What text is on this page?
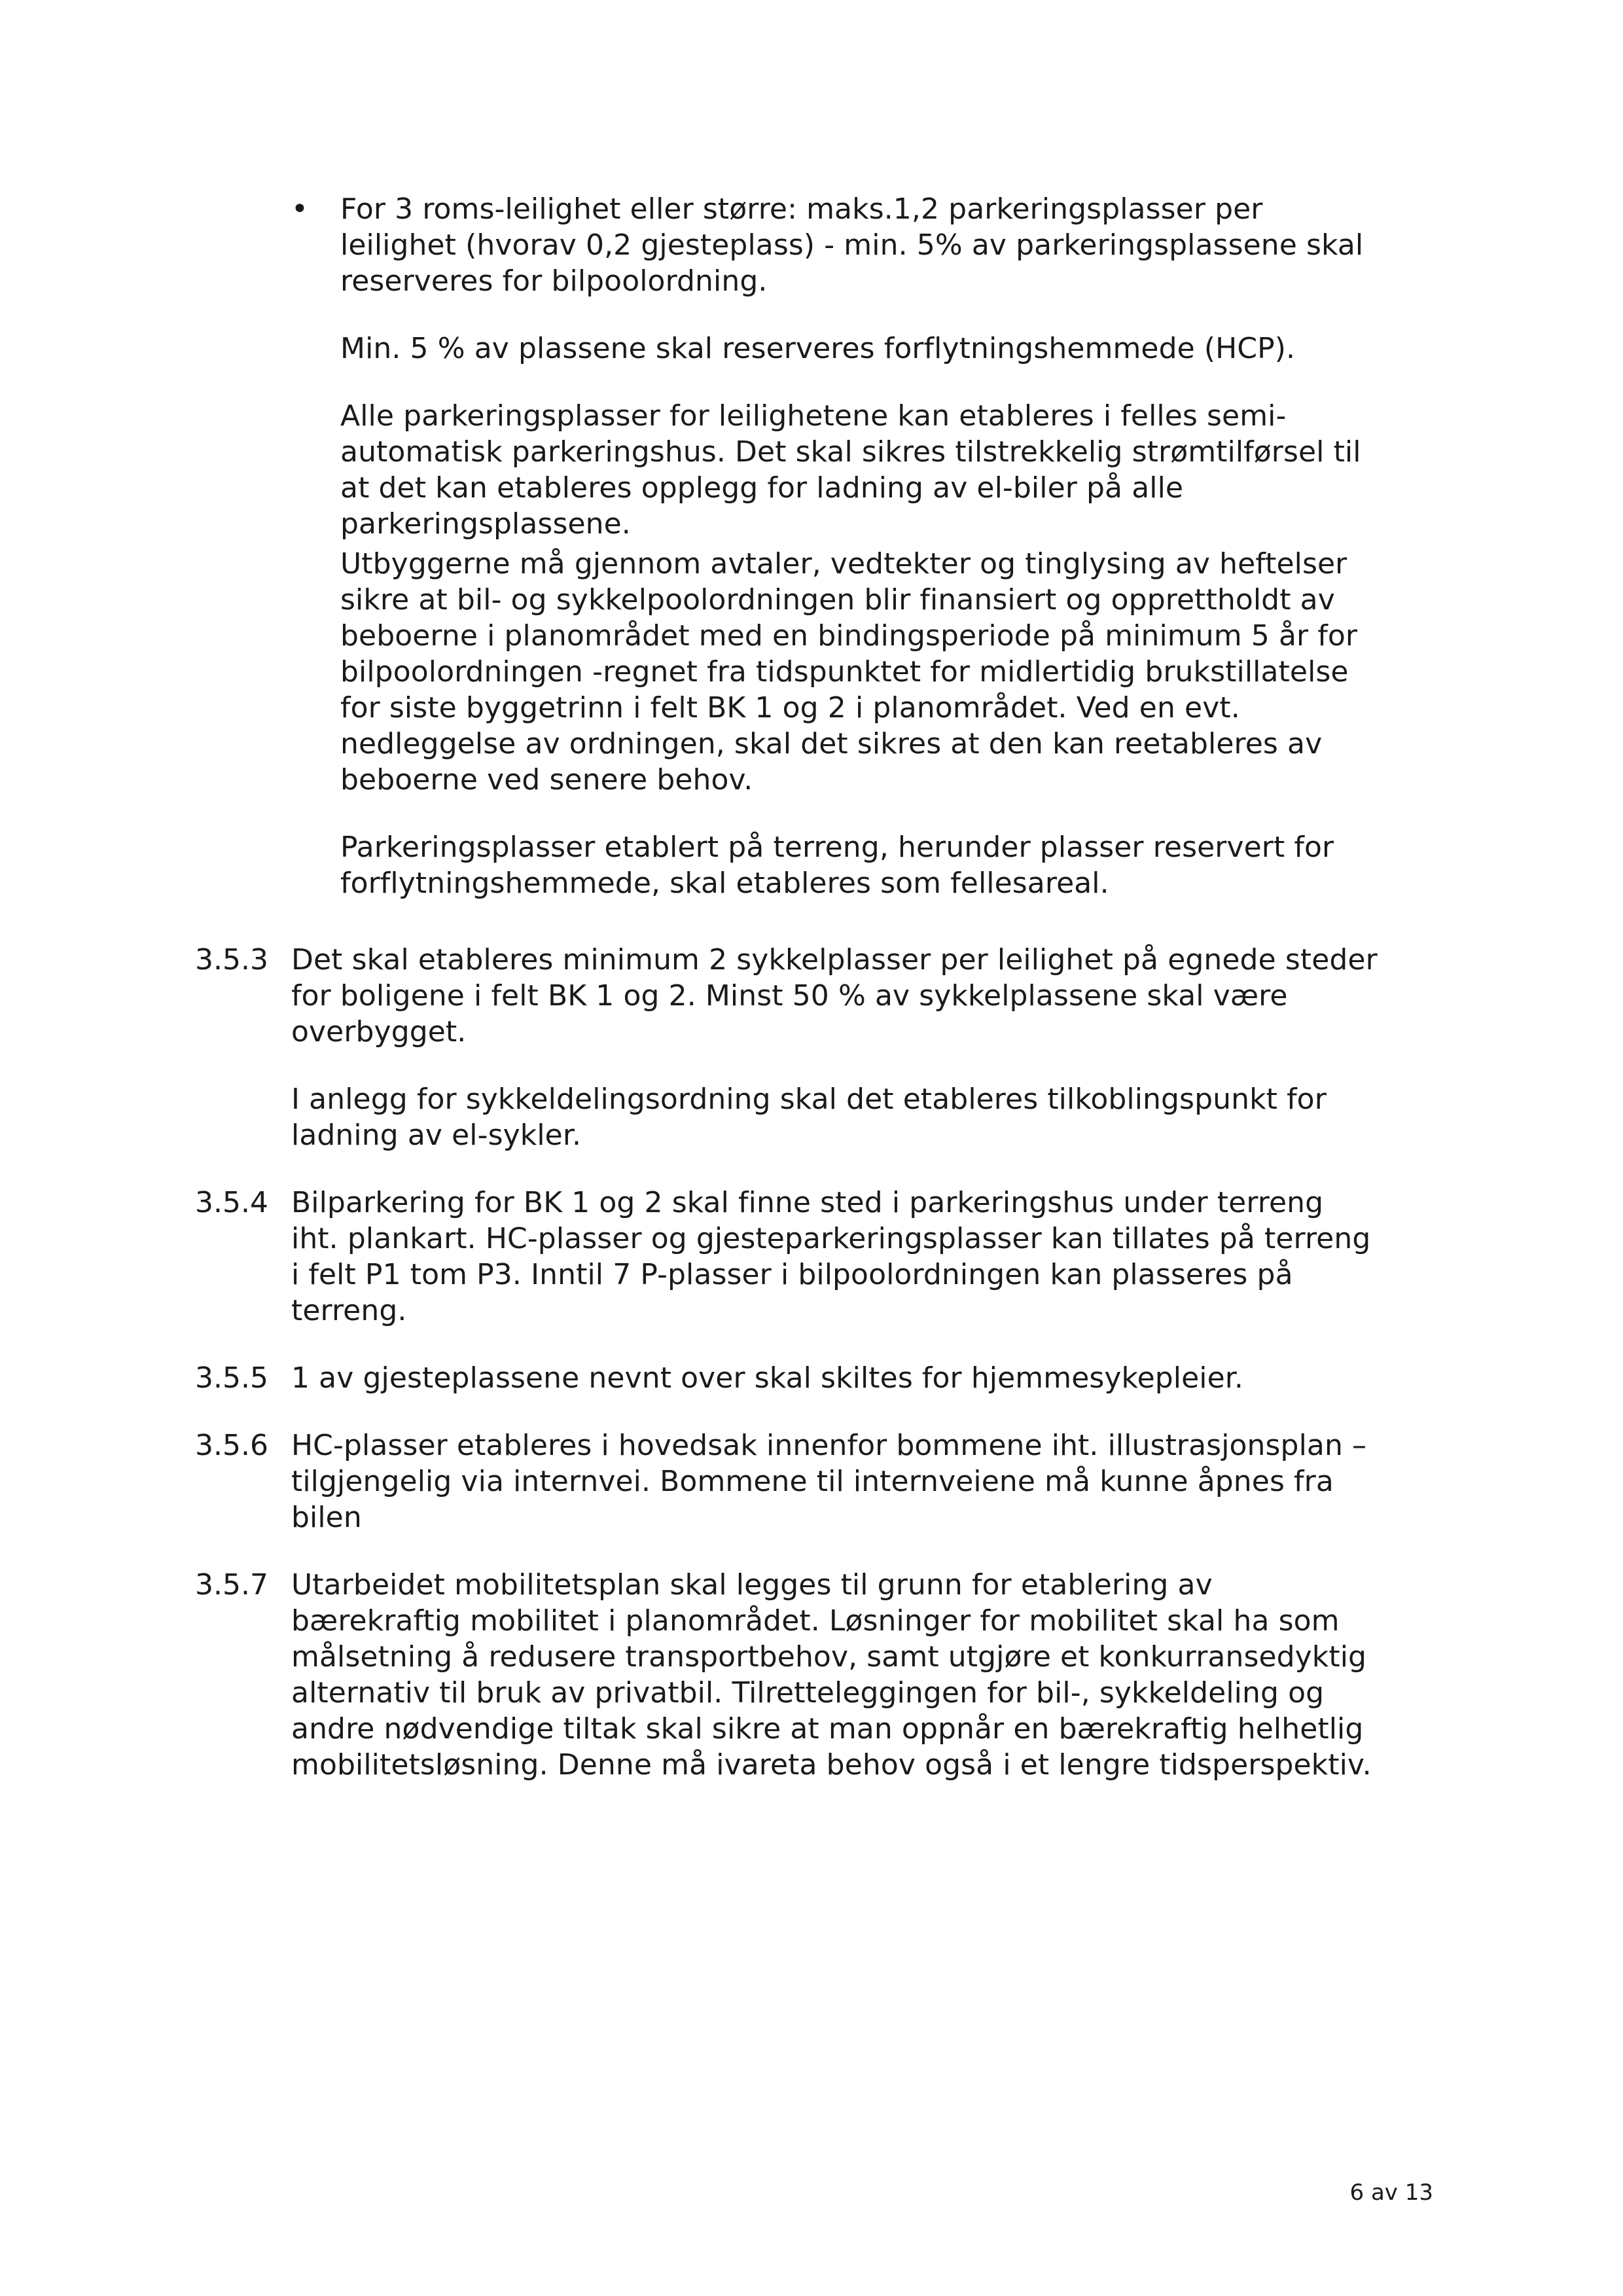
• For 3 roms-leilighet eller større: maks.1,2 parkeringsplasser per
leilighet (hvorav 0,2 gjesteplass) - min. 5% av parkeringsplassene skal
reserveres for bilpoolordning.
Min. 5 % av plassene skal reserveres forflytningshemmede (HCP).
Alle parkeringsplasser for leilighetene kan etableres i felles semi-
automatisk parkeringshus. Det skal sikres tilstrekkelig strømtilførsel til
at det kan etableres opplegg for ladning av el-biler på alle
parkeringsplassene.
Utbyggerne må gjennom avtaler, vedtekter og tinglysing av heftelser
sikre at bil- og sykkelpoolordningen blir finansiert og opprettholdt av
beboerne i planområdet med en bindingsperiode på minimum 5 år for
bilpoolordningen -regnet fra tidspunktet for midlertidig brukstillatelse
for siste byggetrinn i felt BK 1 og 2 i planområdet. Ved en evt.
nedleggelse av ordningen, skal det sikres at den kan reetableres av
beboerne ved senere behov.
Parkeringsplasser etablert på terreng, herunder plasser reservert for
forflytningshemmede, skal etableres som fellesareal.
3.5.3 Det skal etableres minimum 2 sykkelplasser per leilighet på egnede steder
for boligene i felt BK 1 og 2. Minst 50 % av sykkelplassene skal være
overbygget.
I anlegg for sykkeldelingsordning skal det etableres tilkoblingspunkt for
ladning av el-sykler.
3.5.4 Bilparkering for BK 1 og 2 skal finne sted i parkeringshus under terreng
iht. plankart. HC-plasser og gjesteparkeringsplasser kan tillates på terreng
i felt P1 tom P3. Inntil 7 P-plasser i bilpoolordningen kan plasseres på
terreng.
3.5.5 1 av gjesteplassene nevnt over skal skiltes for hjemmesykepleier.
3.5.6 HC-plasser etableres i hovedsak innenfor bommene iht. illustrasjonsplan –
tilgjengelig via internvei. Bommene til internveiene må kunne åpnes fra
bilen
3.5.7 Utarbeidet mobilitetsplan skal legges til grunn for etablering av
bærekraftig mobilitet i planområdet. Løsninger for mobilitet skal ha som
målsetning å redusere transportbehov, samt utgjøre et konkurransedyktig
alternativ til bruk av privatbil. Tilretteleggingen for bil-, sykkeldeling og
andre nødvendige tiltak skal sikre at man oppnår en bærekraftig helhetlig
mobilitetsløsning. Denne må ivareta behov også i et lengre tidsperspektiv.
6 av 13
